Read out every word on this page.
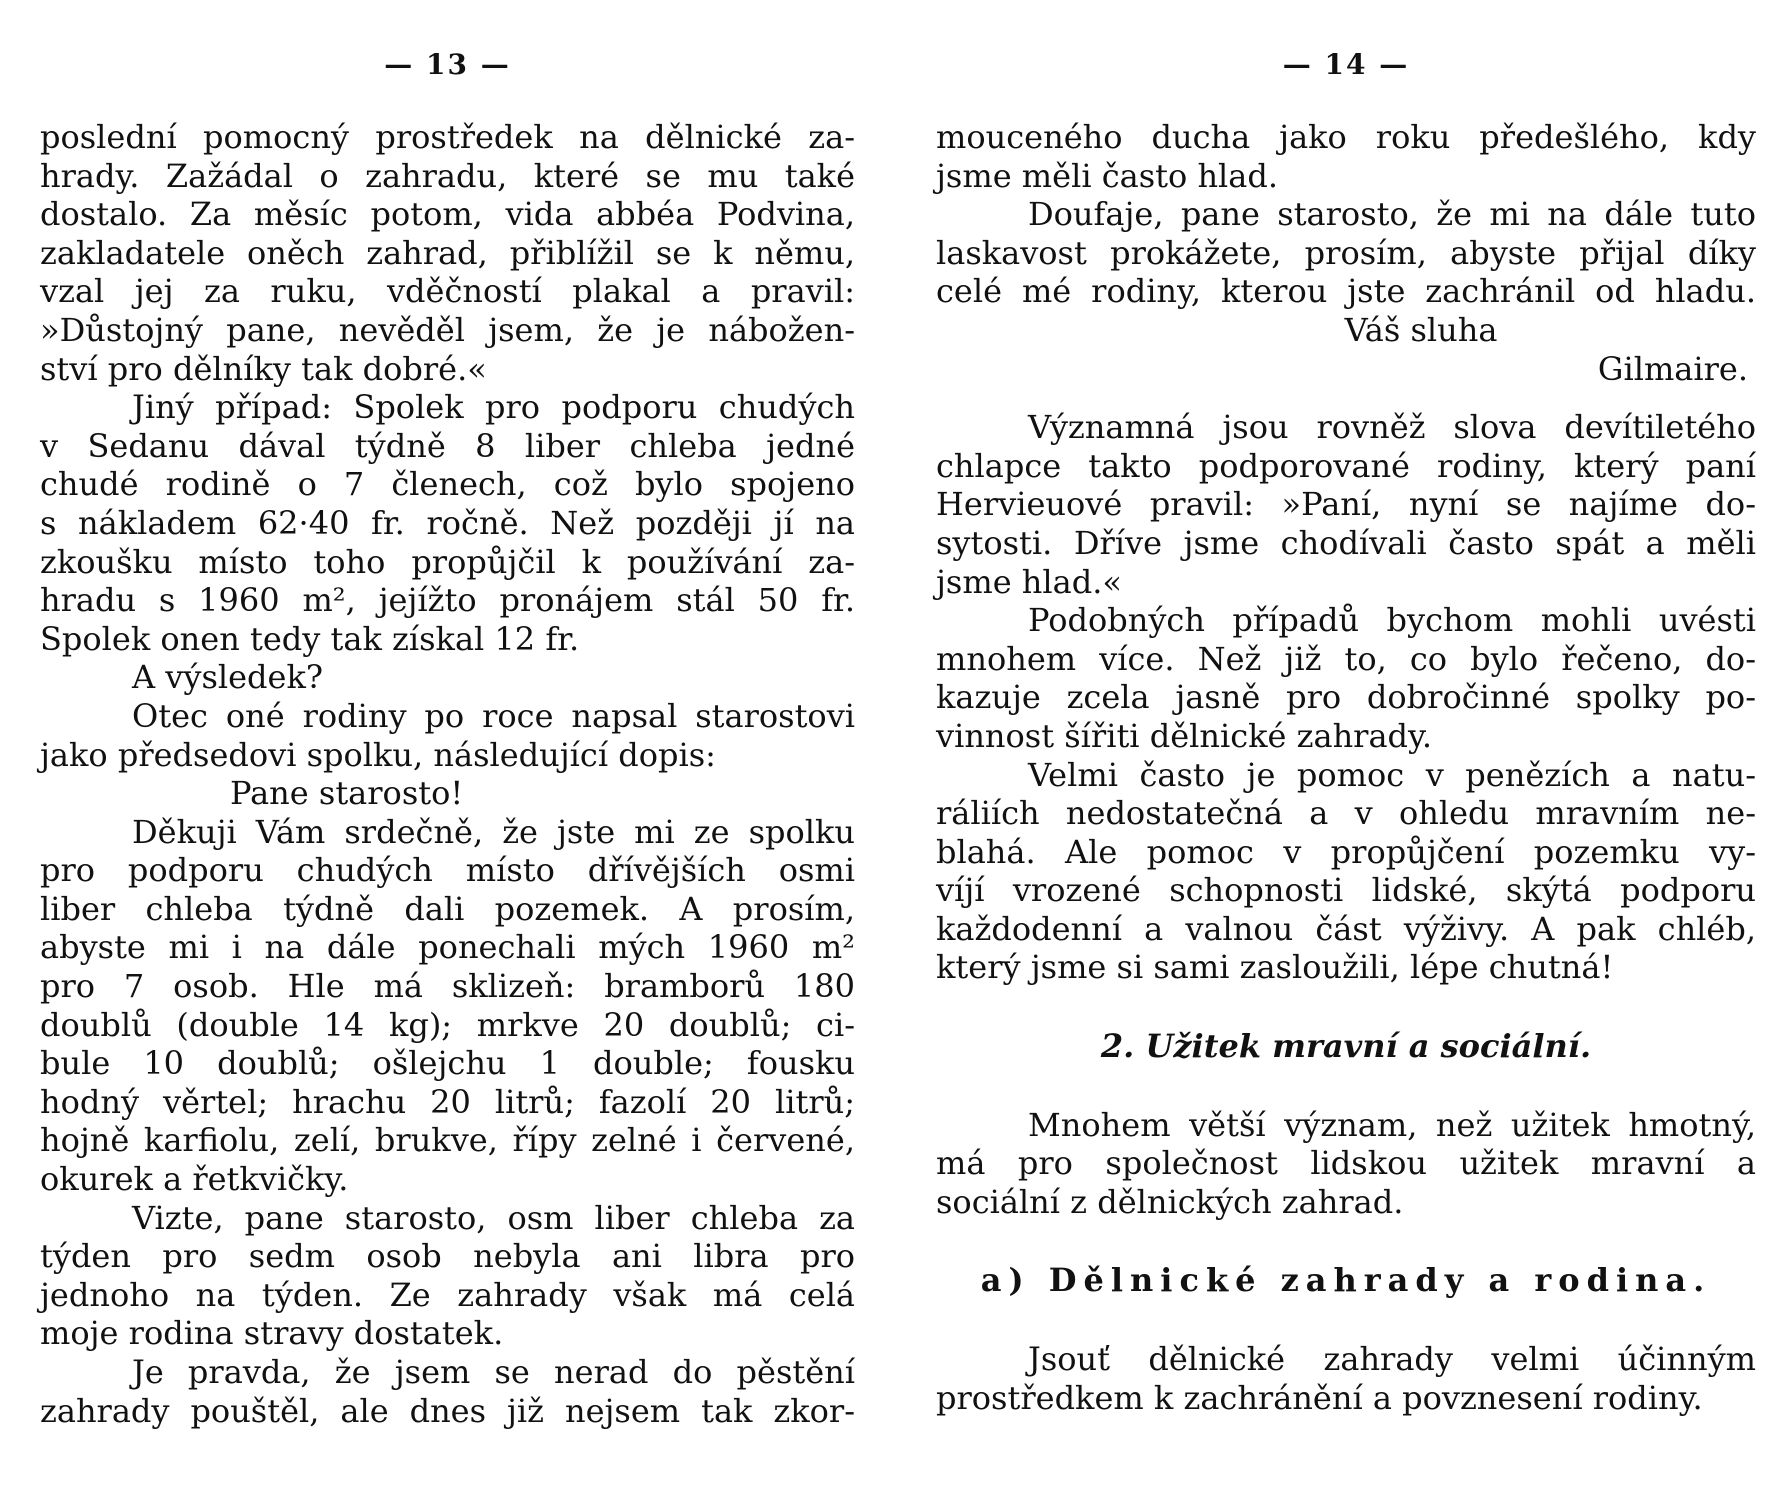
— 13 —
poslední pomocný prostředek na dělnické za-
hrady. Zažádal o zahradu, které se mu také
dostalo. Za měsíc potom, vida abbéa Podvina,
zakladatele oněch zahrad, přiblížil se k němu,
vzal jej za ruku, vděčností plakal a pravil:
»Důstojný pane, nevěděl jsem, že je nábožen-
ství pro dělníky tak dobré.«
Jiný případ: Spolek pro podporu chudých
v Sedanu dával týdně 8 liber chleba jedné
chudé rodině o 7 členech, což bylo spojeno
s nákladem 62·40 fr. ročně. Než později jí na
zkoušku místo toho propůjčil k používání za-
hradu s 1960 m², jejížto pronájem stál 50 fr.
Spolek onen tedy tak získal 12 fr.
A výsledek?
Otec oné rodiny po roce napsal starostovi
jako předsedovi spolku, následující dopis:
Pane starosto!
Děkuji Vám srdečně, že jste mi ze spolku
pro podporu chudých místo dřívějších osmi
liber chleba týdně dali pozemek. A prosím,
abyste mi i na dále ponechali mých 1960 m²
pro 7 osob. Hle má sklizeň: bramborů 180
doublů (double 14 kg); mrkve 20 doublů; ci-
bule 10 doublů; ošlejchu 1 double; fousku
hodný věrtel; hrachu 20 litrů; fazolí 20 litrů;
hojně karfiolu, zelí, brukve, řípy zelné i červené,
okurek a řetkvičky.
Vizte, pane starosto, osm liber chleba za
týden pro sedm osob nebyla ani libra pro
jednoho na týden. Ze zahrady však má celá
moje rodina stravy dostatek.
Je pravda, že jsem se nerad do pěstění
zahrady pouštěl, ale dnes již nejsem tak zkor-
— 14 —
mouceného ducha jako roku předešlého, kdy
jsme měli často hlad.
Doufaje, pane starosto, že mi na dále tuto
laskavost prokážete, prosím, abyste přijal díky
celé mé rodiny, kterou jste zachránil od hladu.
Váš sluha
Gilmaire.
Významná jsou rovněž slova devítiletého
chlapce takto podporované rodiny, který paní
Hervieuové pravil: »Paní, nyní se najíme do-
sytosti. Dříve jsme chodívali často spát a měli
jsme hlad.«
Podobných případů bychom mohli uvésti
mnohem více. Než již to, co bylo řečeno, do-
kazuje zcela jasně pro dobročinné spolky po-
vinnost šířiti dělnické zahrady.
Velmi často je pomoc v penězích a natu-
ráliích nedostatečná a v ohledu mravním ne-
blahá. Ale pomoc v propůjčení pozemku vy-
víjí vrozené schopnosti lidské, skýtá podporu
každodenní a valnou část výživy. A pak chléb,
který jsme si sami zasloužili, lépe chutná!
2. Užitek mravní a sociální.
Mnohem větší význam, než užitek hmotný,
má pro společnost lidskou užitek mravní a
sociální z dělnických zahrad.
a) Dělnické zahrady a rodina.
Jsouť dělnické zahrady velmi účinným
prostředkem k zachránění a povznesení rodiny.
